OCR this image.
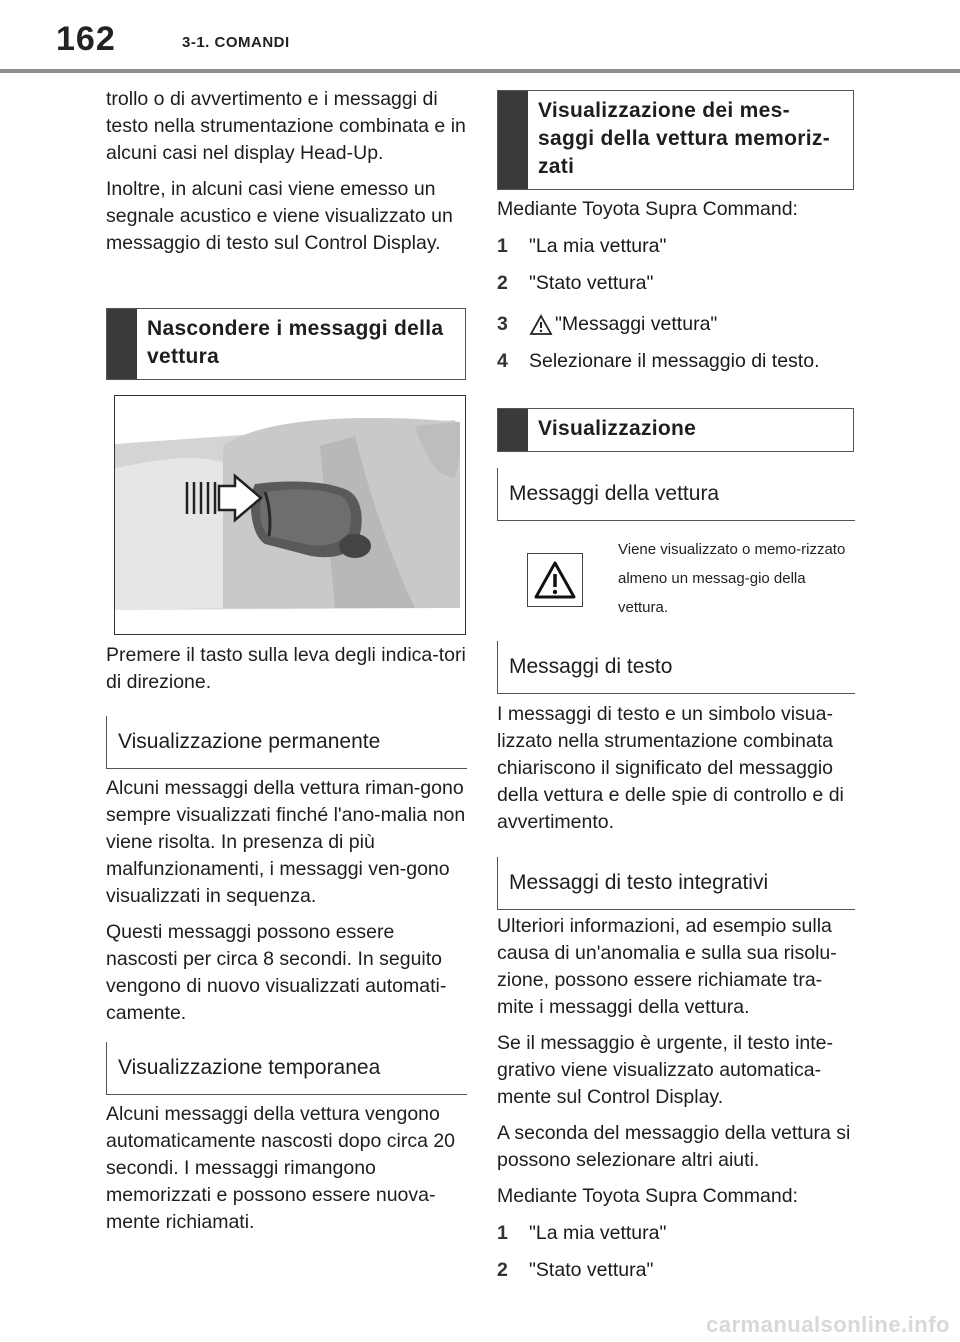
162	3-1. COMANDI
trollo o di avvertimento e i messaggi di testo nella strumentazione combinata e in alcuni casi nel display Head-Up.
Inoltre, in alcuni casi viene emesso un segnale acustico e viene visualizzato un messaggio di testo sul Control Display.
Nascondere i messaggi della vettura
Premere il tasto sulla leva degli indica-tori di direzione.
Visualizzazione permanente
Alcuni messaggi della vettura riman-gono sempre visualizzati finché l'ano-malia non viene risolta. In presenza di più malfunzionamenti, i messaggi ven-gono visualizzati in sequenza.
Questi messaggi possono essere nascosti per circa 8 secondi. In seguito vengono di nuovo visualizzati automati-camente.
Visualizzazione temporanea
Alcuni messaggi della vettura vengono automaticamente nascosti dopo circa 20 secondi. I messaggi rimangono memorizzati e possono essere nuova-mente richiamati.
Visualizzazione dei mes-saggi della vettura memoriz-zati
Mediante Toyota Supra Command:
1	"La mia vettura"
2	"Stato vettura"
3	"Messaggi vettura"
4	Selezionare il messaggio di testo.
Visualizzazione
Messaggi della vettura
Viene visualizzato o memo-rizzato almeno un messag-gio della vettura.
Messaggi di testo
I messaggi di testo e un simbolo visua-lizzato nella strumentazione combinata chiariscono il significato del messaggio della vettura e delle spie di controllo e di avvertimento.
Messaggi di testo integrativi
Ulteriori informazioni, ad esempio sulla causa di un'anomalia e sulla sua risolu-zione, possono essere richiamate tra-mite i messaggi della vettura.
Se il messaggio è urgente, il testo inte-grativo viene visualizzato automatica-mente sul Control Display.
A seconda del messaggio della vettura si possono selezionare altri aiuti.
Mediante Toyota Supra Command:
1	"La mia vettura"
2	"Stato vettura"
carmanualsonline.info
